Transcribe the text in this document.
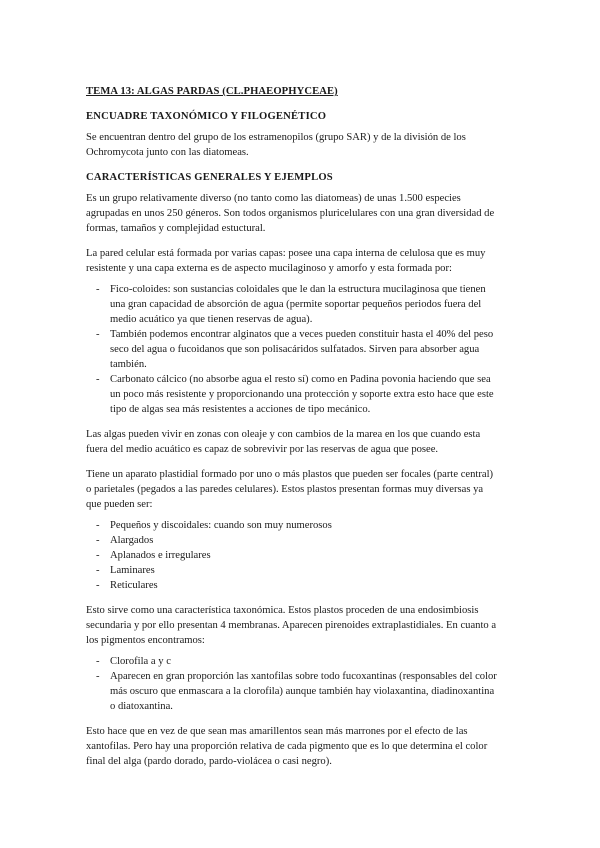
TEMA 13: ALGAS PARDAS (CL.PHAEOPHYCEAE)
ENCUADRE TAXONÓMICO Y FILOGENÉTICO

Se encuentran dentro del grupo de los estramenopilos (grupo SAR) y de la división de los Ochromycota junto con las diatomeas.

CARACTERÍSTICAS GENERALES Y EJEMPLOS

Es un grupo relativamente diverso (no tanto como las diatomeas) de unas 1.500 especies agrupadas en unos 250 géneros. Son todos organismos pluricelulares con una gran diversidad de formas, tamaños y complejidad estuctural.

La pared celular está formada por varias capas: posee una capa interna de celulosa que es muy resistente y una capa externa es de aspecto mucilaginoso y amorfo y esta formada por:

- Fico-coloides: son sustancias coloidales que le dan la estructura mucilaginosa que tienen una gran capacidad de absorción de agua (permite soportar pequeños periodos fuera del medio acuático ya que tienen reservas de agua).
- También podemos encontrar alginatos que a veces pueden constituir hasta el 40% del peso seco del agua o fucoidanos que son polisacáridos sulfatados. Sirven para absorber agua también.
- Carbonato cálcico (no absorbe agua el resto sí) como en Padina povonia haciendo que sea un poco más resistente y proporcionando una protección y soporte extra esto hace que este tipo de algas sea más resistentes a acciones de tipo mecánico.

Las algas pueden vivir en zonas con oleaje y con cambios de la marea en los que cuando esta fuera del medio acuático es capaz de sobrevivir por las reservas de agua que posee.

Tiene un aparato plastidial formado por uno o más plastos que pueden ser focales (parte central) o parietales (pegados a las paredes celulares). Estos plastos presentan formas muy diversas ya que pueden ser:

- Pequeños y discoidales: cuando son muy numerosos
- Alargados
- Aplanados e irregulares
- Laminares
- Reticulares

Esto sirve como una característica taxonómica. Estos plastos proceden de una endosimbiosis secundaria y por ello presentan 4 membranas. Aparecen pirenoides extraplastidiales. En cuanto a los pigmentos encontramos:

- Clorofila a y c
- Aparecen en gran proporción las xantofilas sobre todo fucoxantinas (responsables del color más oscuro que enmascara a la clorofila) aunque también hay violaxantina, diadinoxantina o diatoxantina.

Esto hace que en vez de que sean mas amarillentos sean más marrones por el efecto de las xantofilas. Pero hay una proporción relativa de cada pigmento que es lo que determina el color final del alga (pardo dorado, pardo-violácea o casi negro).
